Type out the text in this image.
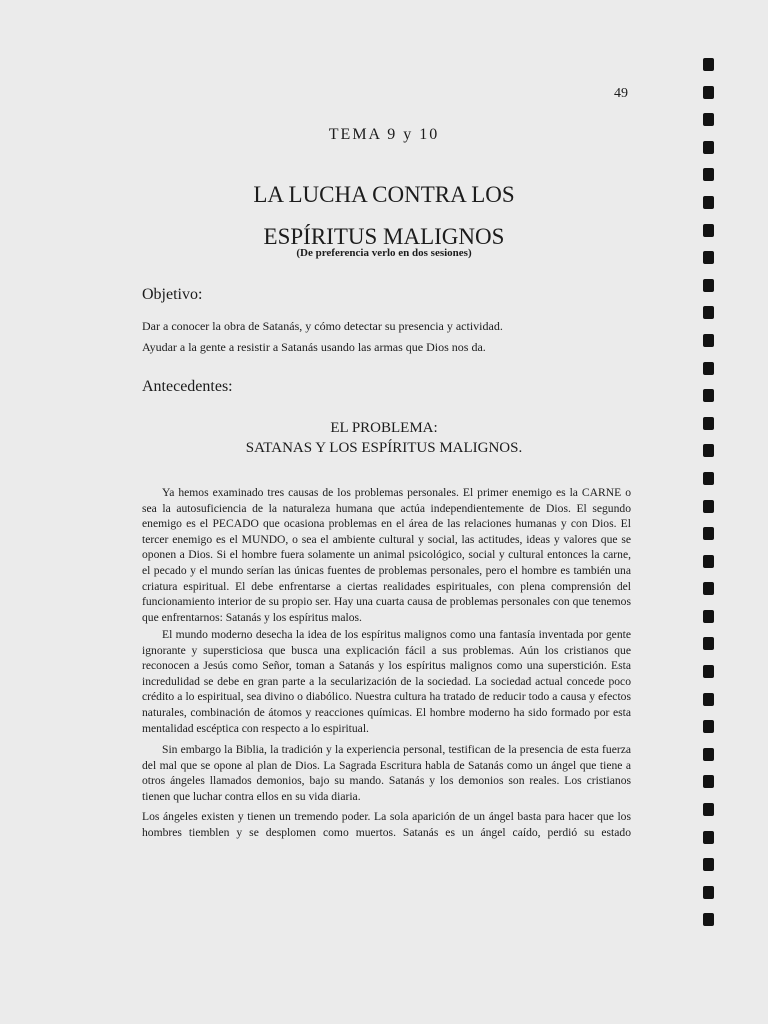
49
TEMA 9 y 10
LA LUCHA CONTRA LOS
ESPÍRITUS MALIGNOS
(De preferencia verlo en dos sesiones)
Objetivo:
Dar a conocer la obra de Satanás, y cómo detectar su presencia y actividad.
Ayudar a la gente a resistir a Satanás usando las armas que Dios nos da.
Antecedentes:
EL PROBLEMA:
SATANAS Y LOS ESPÍRITUS MALIGNOS.

Ya hemos examinado tres causas de los problemas personales. El primer enemigo es la CARNE o sea la autosuficiencia de la naturaleza humana que actúa independientemente de Dios. El segundo enemigo es el PECADO que ocasiona problemas en el área de las relaciones humanas y con Dios. El tercer enemigo es el MUNDO, o sea el ambiente cultural y social, las actitudes, ideas y valores que se oponen a Dios. Si el hombre fuera solamente un animal psicológico, social y cultural entonces la carne, el pecado y el mundo serían las únicas fuentes de problemas personales, pero el hombre es también una criatura espiritual. El debe enfrentarse a ciertas realidades espirituales, con plena comprensión del funcionamiento interior de su propio ser. Hay una cuarta causa de problemas personales con que tenemos que enfrentarnos: Satanás y los espíritus malos.

El mundo moderno desecha la idea de los espíritus malignos como una fantasía inventada por gente ignorante y supersticiosa que busca una explicación fácil a sus problemas. Aún los cristianos que reconocen a Jesús como Señor, toman a Satanás y los espíritus malignos como una superstición. Esta incredulidad se debe en gran parte a la secularización de la sociedad. La sociedad actual concede poco crédito a lo espiritual, sea divino o diabólico. Nuestra cultura ha tratado de reducir todo a causa y efectos naturales, combinación de átomos y reacciones químicas. El hombre moderno ha sido formado por esta mentalidad escéptica con respecto a lo espiritual.

Sin embargo la Biblia, la tradición y la experiencia personal, testifican de la presencia de esta fuerza del mal que se opone al plan de Dios. La Sagrada Escritura habla de Satanás como un ángel que tiene a otros ángeles llamados demonios, bajo su mando. Satanás y los demonios son reales. Los cristianos tienen que luchar contra ellos en su vida diaria.

Los ángeles existen y tienen un tremendo poder. La sola aparición de un ángel basta para hacer que los hombres tiemblen y se desplomen como muertos. Satanás es un ángel caído, perdió su estado
